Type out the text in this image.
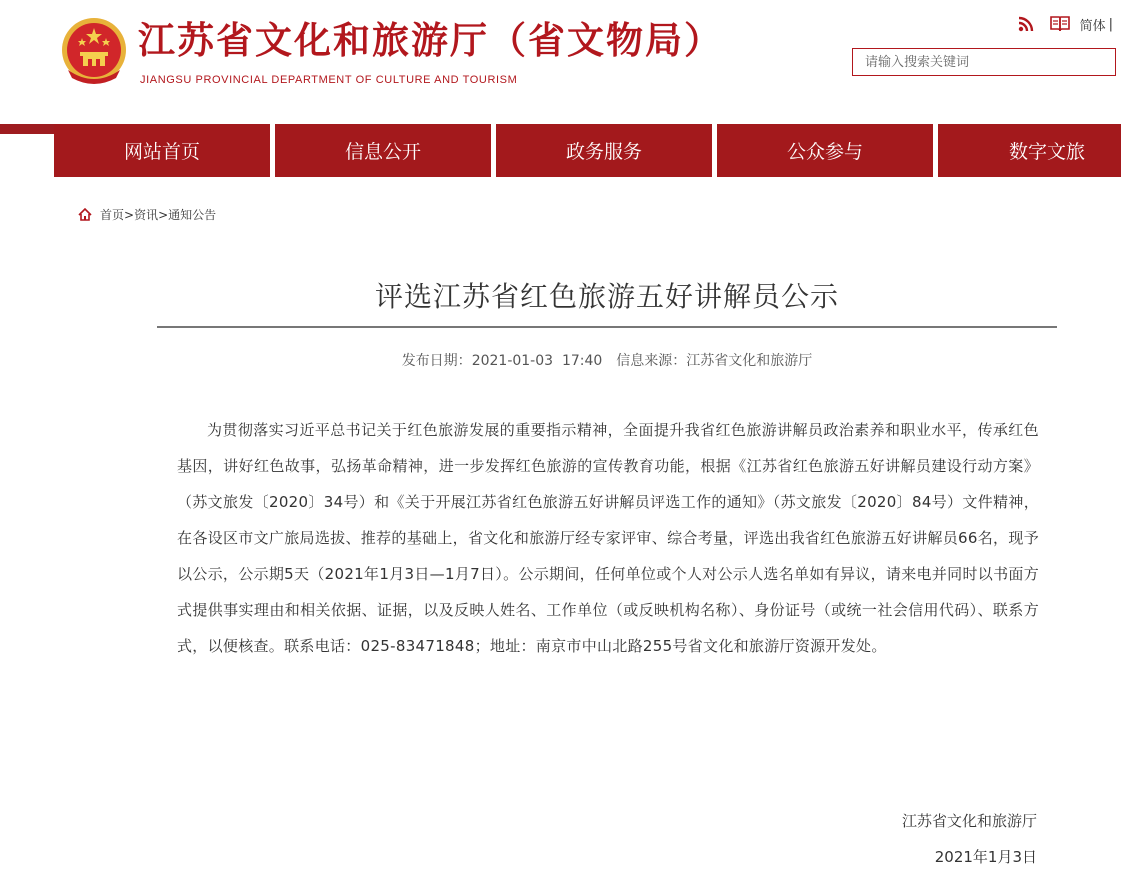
江苏省文化和旅游厅（省文物局）
JIANGSU PROVINCIAL DEPARTMENT OF CULTURE AND TOURISM
简体 |
请输入搜索关键词
网站首页	信息公开	政务服务	公众参与	数字文旅
首页 > 资讯 > 通知公告
评选江苏省红色旅游五好讲解员公示
发布日期：2021-01-03  17:40 信息来源：江苏省文化和旅游厅

为贯彻落实习近平总书记关于红色旅游发展的重要指示精神，全面提升我省红色旅游讲解员政治素养和职业水平，传承红色基因，讲好红色故事，弘扬革命精神，进一步发挥红色旅游的宣传教育功能，根据《江苏省红色旅游五好讲解员建设行动方案》（苏文旅发〔2020〕34号）和《关于开展江苏省红色旅游五好讲解员评选工作的通知》（苏文旅发〔2020〕84号）文件精神，在各设区市文广旅局选拔、推荐的基础上，省文化和旅游厅经专家评审、综合考量，评选出我省红色旅游五好讲解员66名，现予以公示，公示期5天（2021年1月3日—1月7日）。公示期间，任何单位或个人对公示人选名单如有异议，请来电并同时以书面方式提供事实理由和相关依据、证据，以及反映人姓名、工作单位（或反映机构名称）、身份证号（或统一社会信用代码）、联系方式，以便核查。联系电话：025-83471848；地址：南京市中山北路255号省文化和旅游厅资源开发处。

江苏省文化和旅游厅
2021年1月3日
